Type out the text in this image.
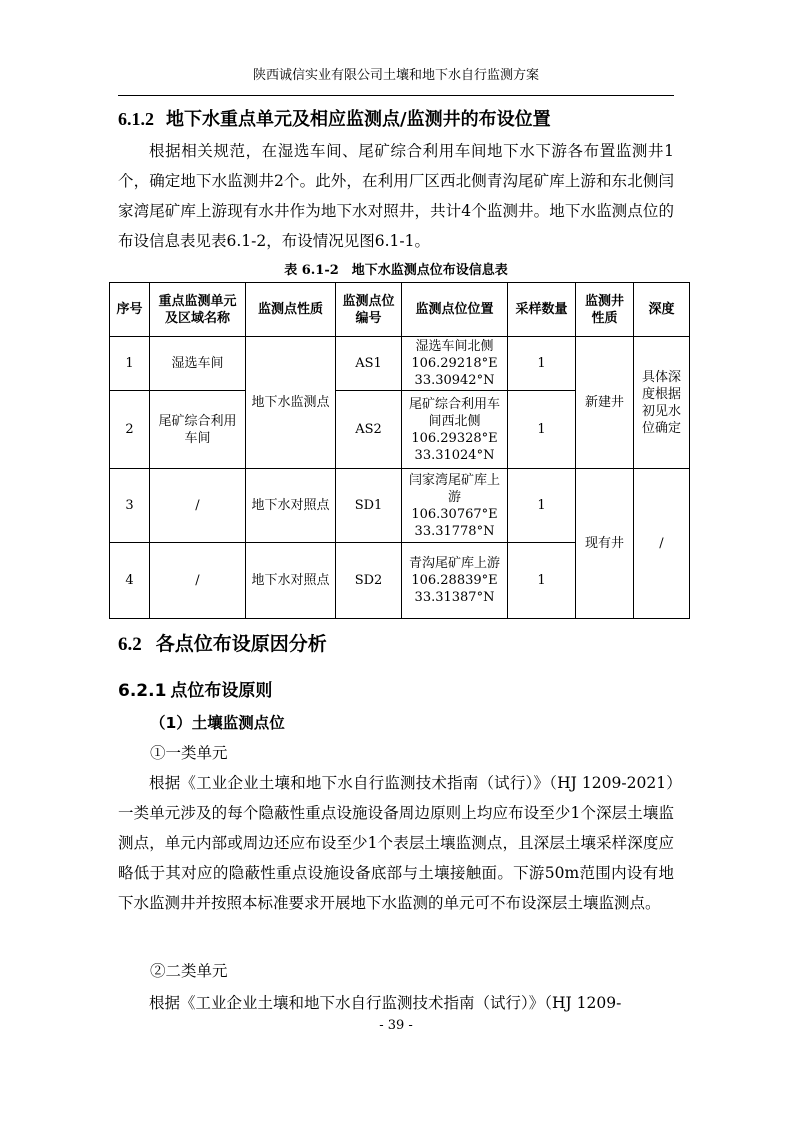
陕西诚信实业有限公司土壤和地下水自行监测方案
6.1.2 地下水重点单元及相应监测点/监测井的布设位置
根据相关规范，在湿选车间、尾矿综合利用车间地下水下游各布置监测井1个，确定地下水监测井2个。此外，在利用厂区西北侧青沟尾矿库上游和东北侧闫家湾尾矿库上游现有水井作为地下水对照井，共计4个监测井。地下水监测点位的布设信息表见表6.1-2，布设情况见图6.1-1。
表 6.1-2　地下水监测点位布设信息表
序号	重点监测单元及区域名称	监测点性质	监测点位编号	监测点位位置	采样数量	监测井性质	深度
1	湿选车间	地下水监测点	AS1	湿选车间北侧
106.29218°E
33.30942°N	1	新建井	具体深度根据初见水位确定
2	尾矿综合利用车间		AS2	尾矿综合利用车间西北侧
106.29328°E
33.31024°N	1		
3	/	地下水对照点	SD1	闫家湾尾矿库上游
106.30767°E
33.31778°N	1	现有井	/
4	/	地下水对照点	SD2	青沟尾矿库上游
106.28839°E
33.31387°N	1		
6.2 各点位布设原因分析
6.2.1 点位布设原则
（1）土壤监测点位
①一类单元
根据《工业企业土壤和地下水自行监测技术指南（试行）》（HJ 1209-2021）一类单元涉及的每个隐蔽性重点设施设备周边原则上均应布设至少1个深层土壤监测点，单元内部或周边还应布设至少1个表层土壤监测点，且深层土壤采样深度应略低于其对应的隐蔽性重点设施设备底部与土壤接触面。下游50m范围内设有地下水监测井并按照本标准要求开展地下水监测的单元可不布设深层土壤监测点。
②二类单元
根据《工业企业土壤和地下水自行监测技术指南（试行）》（HJ 1209-
- 39 -
